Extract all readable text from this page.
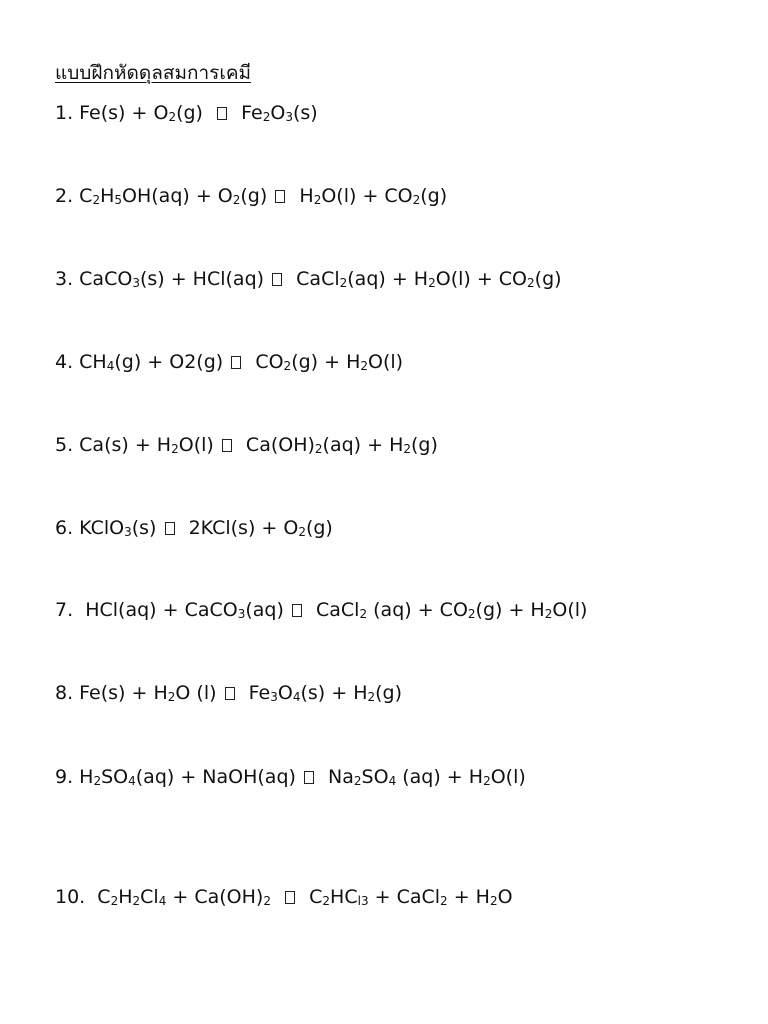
แบบฝึกหัดดุลสมการเคมี
1. $Fe(s) + O_2(g)$    $Fe_2O_3(s)$
2. $C_2H_5OH(aq) + O_2(g) H_2O(l) + CO_2(g)$
3. CaCO$_3$(s) + HCl(aq)   CaCl$_2$(aq) + $H_2O(l) + CO_2(g)$
4. $CH_4(g) + O2(g) CO_2(g) + H_2O(l)$
5. $Ca(s) + H_2O(l) Ca(OH)_2(aq) + H_2(g)$
6. KClO$_3$(s)   $2KCl(s) + O_2(g)$
7.  HCl(aq) + CaCO$_3$(aq)   CaCl$_2$ $(aq) + CO_2(g) + H_2O(l)$
8. $Fe(s) + H_2O$ (l)   $Fe_3O_4(s) + H_2(g)$
9. $H_2SO_4(aq)$ + NaOH(aq)   $Na_2SO_4$ $(aq) + H_2O(l)$
10.  $C_2H_2Cl_4 + Ca(OH)_2$    $C_2HC_{l3}$ + CaCl$_2$ + $H_2O$
